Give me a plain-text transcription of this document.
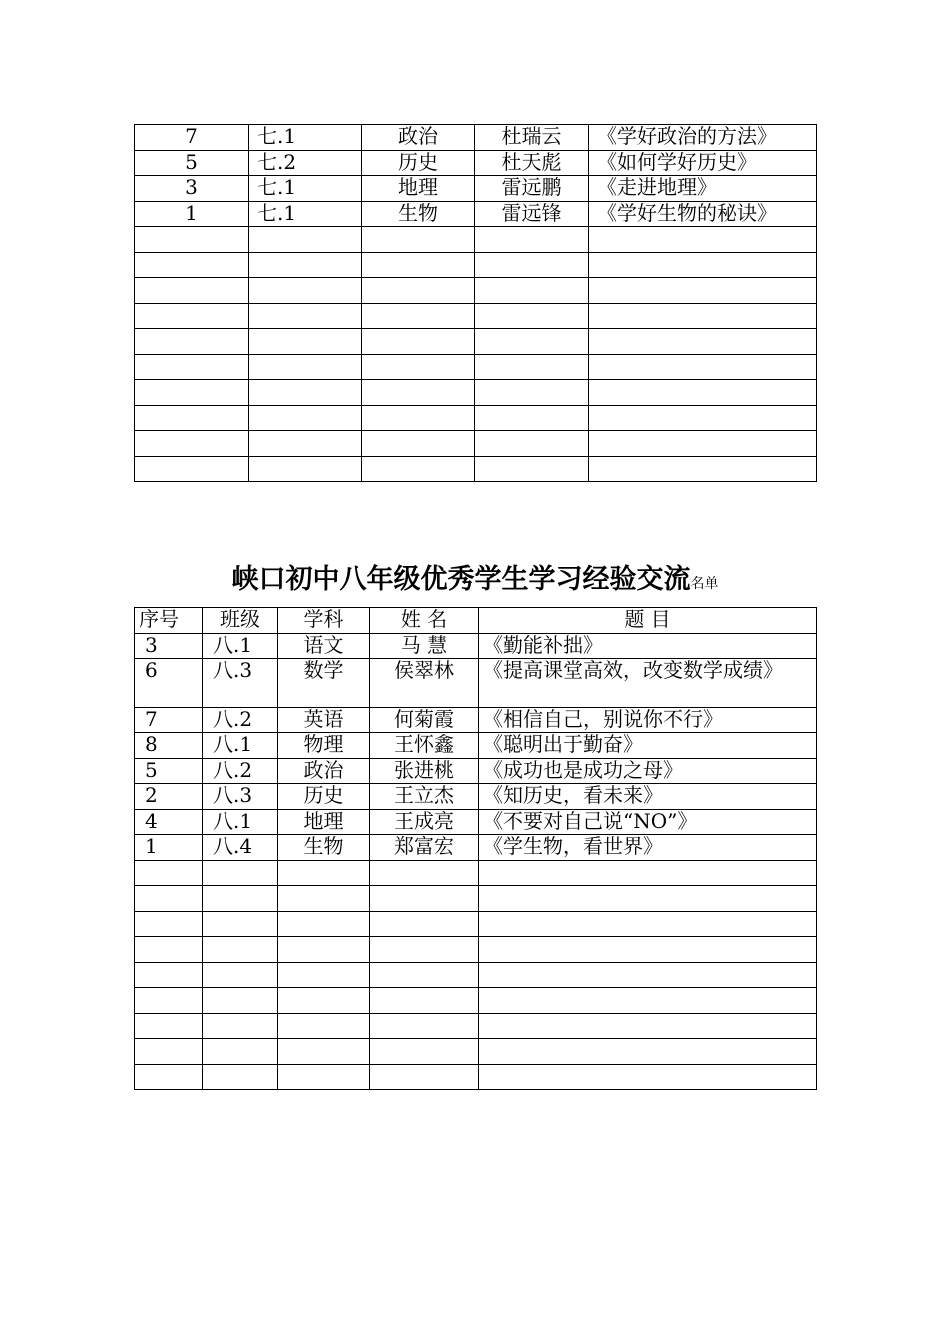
7	七.1	政治	杜瑞云	《学好政治的方法》
5	七.2	历史	杜天彪	《如何学好历史》
3	七.1	地理	雷远鹏	《走进地理》
1	七.1	生物	雷远锋	《学好生物的秘诀》

峡口初中八年级优秀学生学习经验交流名单
序号	班级	学科	姓 名	题 目
3	八.1	语文	马 慧	《勤能补拙》
6	八.3	数学	侯翠林	《提高课堂高效，改变数学成绩》
7	八.2	英语	何菊霞	《相信自己，别说你不行》
8	八.1	物理	王怀鑫	《聪明出于勤奋》
5	八.2	政治	张进桃	《成功也是成功之母》
2	八.3	历史	王立杰	《知历史，看未来》
4	八.1	地理	王成亮	《不要对自己说“NO”》
1	八.4	生物	郑富宏	《学生物，看世界》
